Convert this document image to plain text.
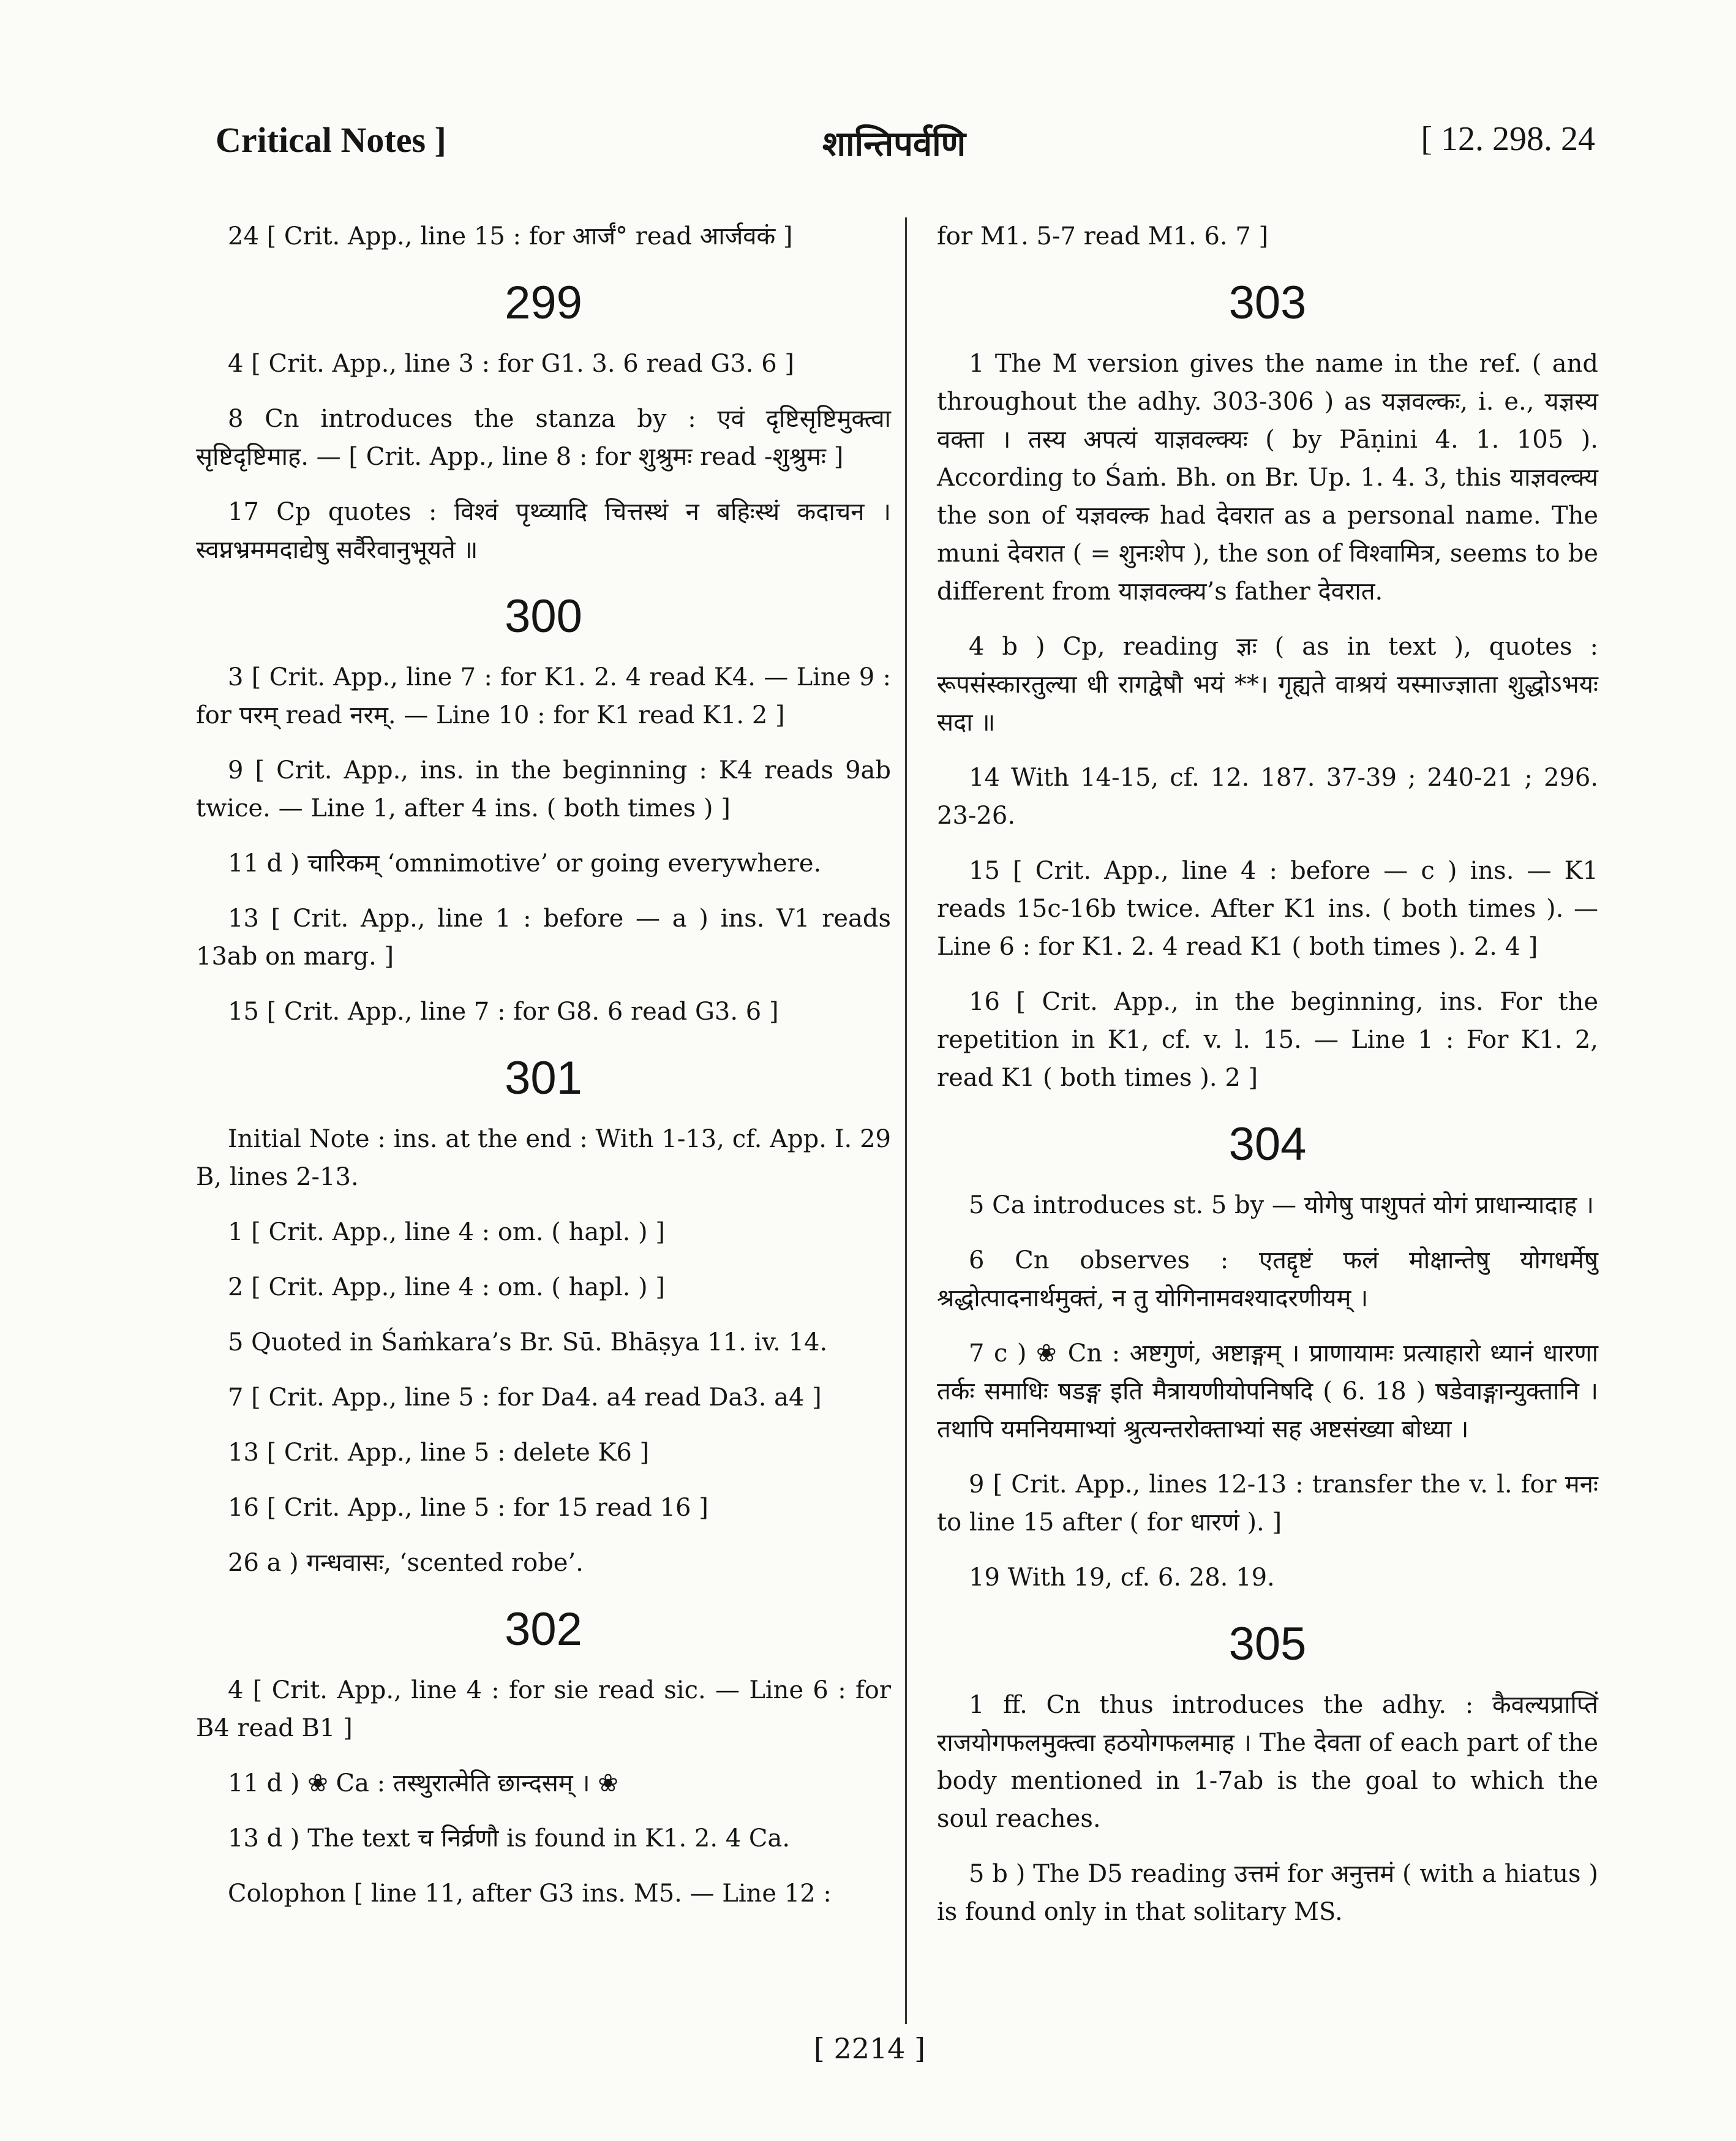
Critical Notes ]	शान्तिपर्वणि	[ 12. 298. 24
24 [ Crit. App., line 15 : for आर्जं° read आर्जवकं ]
299
4 [ Crit. App., line 3 : for G1. 3. 6 read G3. 6 ]
8 Cn introduces the stanza by : एवं दृष्टिसृष्टिमुक्त्वा सृष्टिदृष्टिमाह. — [ Crit. App., line 8 : for शुश्रुमः read -शुश्रुमः ]
17 Cp quotes : विश्वं पृथ्व्यादि चित्तस्थं न बहिःस्थं कदाचन । स्वप्नभ्रममदाद्येषु सर्वैरेवानुभूयते ॥
300
3 [ Crit. App., line 7 : for K1. 2. 4 read K4. — Line 9 : for परम् read नरम्. — Line 10 : for K1 read K1. 2 ]
9 [ Crit. App., ins. in the beginning : K4 reads 9ab twice. — Line 1, after 4 ins. ( both times ) ]
11 d ) चारिकम् ‘omnimotive’ or going everywhere.
13 [ Crit. App., line 1 : before — a ) ins. V1 reads 13ab on marg. ]
15 [ Crit. App., line 7 : for G8. 6 read G3. 6 ]
301
Initial Note : ins. at the end : With 1-13, cf. App. I. 29 B, lines 2-13.
1 [ Crit. App., line 4 : om. ( hapl. ) ]
2 [ Crit. App., line 4 : om. ( hapl. ) ]
5 Quoted in Śaṁkara’s Br. Sū. Bhāṣya 11. iv. 14.
7 [ Crit. App., line 5 : for Da4. a4 read Da3. a4 ]
13 [ Crit. App., line 5 : delete K6 ]
16 [ Crit. App., line 5 : for 15 read 16 ]
26 a ) गन्धवासः, ‘scented robe’.
302
4 [ Crit. App., line 4 : for sie read sic. — Line 6 : for B4 read B1 ]
11 d ) ❀ Ca : तस्थुरात्मेति छान्दसम् । ❀
13 d ) The text च निर्व्रणौ is found in K1. 2. 4 Ca.
Colophon [ line 11, after G3 ins. M5. — Line 12 :
for M1. 5-7 read M1. 6. 7 ]
303
1 The M version gives the name in the ref. ( and throughout the adhy. 303-306 ) as यज्ञवल्कः, i. e., यज्ञस्य वक्ता । तस्य अपत्यं याज्ञवल्क्यः ( by Pāṇini 4. 1. 105 ). According to Śaṁ. Bh. on Br. Up. 1. 4. 3, this याज्ञवल्क्य the son of यज्ञवल्क had देवरात as a personal name. The muni देवरात ( = शुनःशेप ), the son of विश्वामित्र, seems to be different from याज्ञवल्क्य’s father देवरात.
4 b ) Cp, reading ज्ञः ( as in text ), quotes : रूपसंस्कारतुल्या धी रागद्वेषौ भयं **। गृह्यते वाश्रयं यस्माज्ज्ञाता शुद्धोऽभयः सदा ॥
14 With 14-15, cf. 12. 187. 37-39 ; 240-21 ; 296. 23-26.
15 [ Crit. App., line 4 : before — c ) ins. — K1 reads 15c-16b twice. After K1 ins. ( both times ). — Line 6 : for K1. 2. 4 read K1 ( both times ). 2. 4 ]
16 [ Crit. App., in the beginning, ins. For the repetition in K1, cf. v. l. 15. — Line 1 : For K1. 2, read K1 ( both times ). 2 ]
304
5 Ca introduces st. 5 by — योगेषु पाशुपतं योगं प्राधान्यादाह ।
6 Cn observes : एतद्दृष्टं फलं मोक्षान्तेषु योगधर्मेषु श्रद्धोत्पादनार्थमुक्तं, न तु योगिनामवश्यादरणीयम् ।
7 c ) ❀ Cn : अष्टगुणं, अष्टाङ्गम् । प्राणायामः प्रत्याहारो ध्यानं धारणा तर्कः समाधिः षडङ्ग इति मैत्रायणीयोपनिषदि ( 6. 18 ) षडेवाङ्गान्युक्तानि । तथापि यमनियमाभ्यां श्रुत्यन्तरोक्ताभ्यां सह अष्टसंख्या बोध्या ।
9 [ Crit. App., lines 12-13 : transfer the v. l. for मनः to line 15 after ( for धारणं ). ]
19 With 19, cf. 6. 28. 19.
305
1 ff. Cn thus introduces the adhy. : कैवल्यप्राप्तिं राजयोगफलमुक्त्वा हठयोगफलमाह । The देवता of each part of the body mentioned in 1-7ab is the goal to which the soul reaches.
5 b ) The D5 reading उत्तमं for अनुत्तमं ( with a hiatus ) is found only in that solitary MS.
[ 2214 ]
